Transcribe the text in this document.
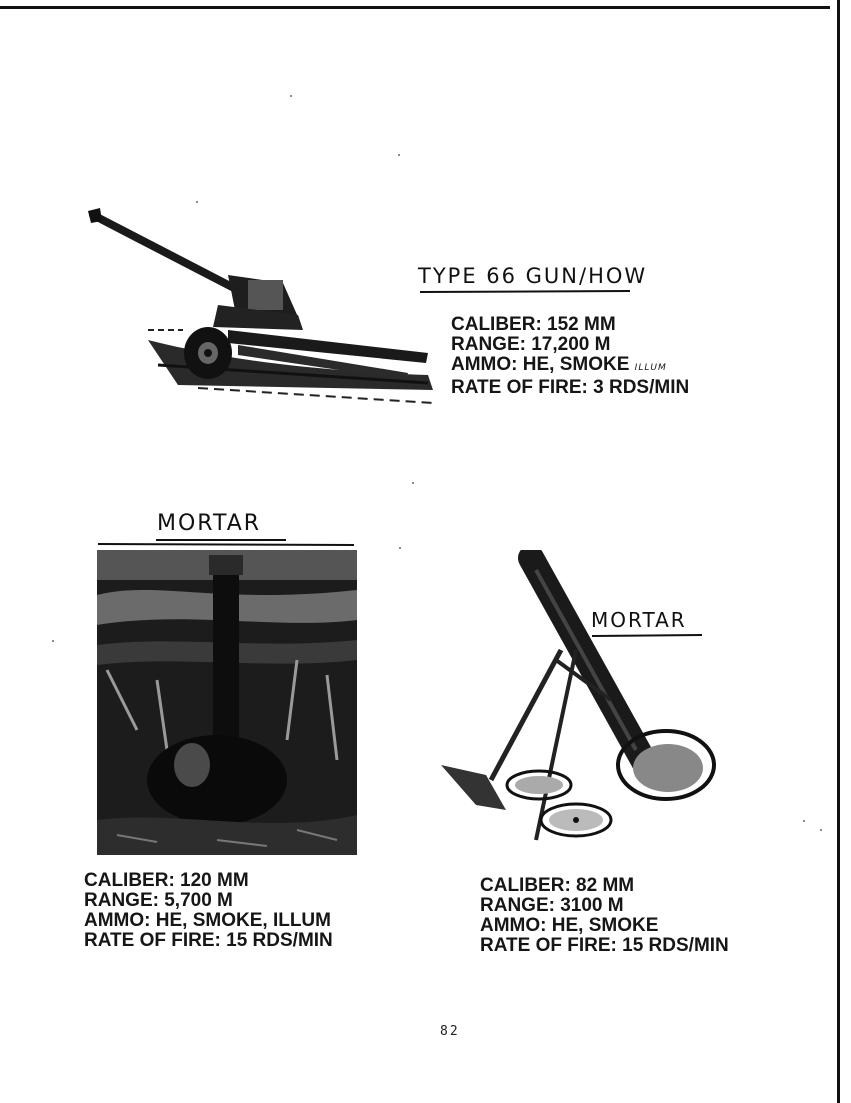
TYPE 66 GUN/HOW
CALIBER: 152 MM
RANGE: 17,200 M
AMMO: HE, SMOKE ILLUM
RATE OF FIRE: 3 RDS/MIN
MORTAR
CALIBER: 120 MM
RANGE: 5,700 M
AMMO: HE, SMOKE, ILLUM
RATE OF FIRE: 15 RDS/MIN
MORTAR
CALIBER: 82 MM
RANGE: 3100 M
AMMO: HE, SMOKE
RATE OF FIRE: 15 RDS/MIN
82
